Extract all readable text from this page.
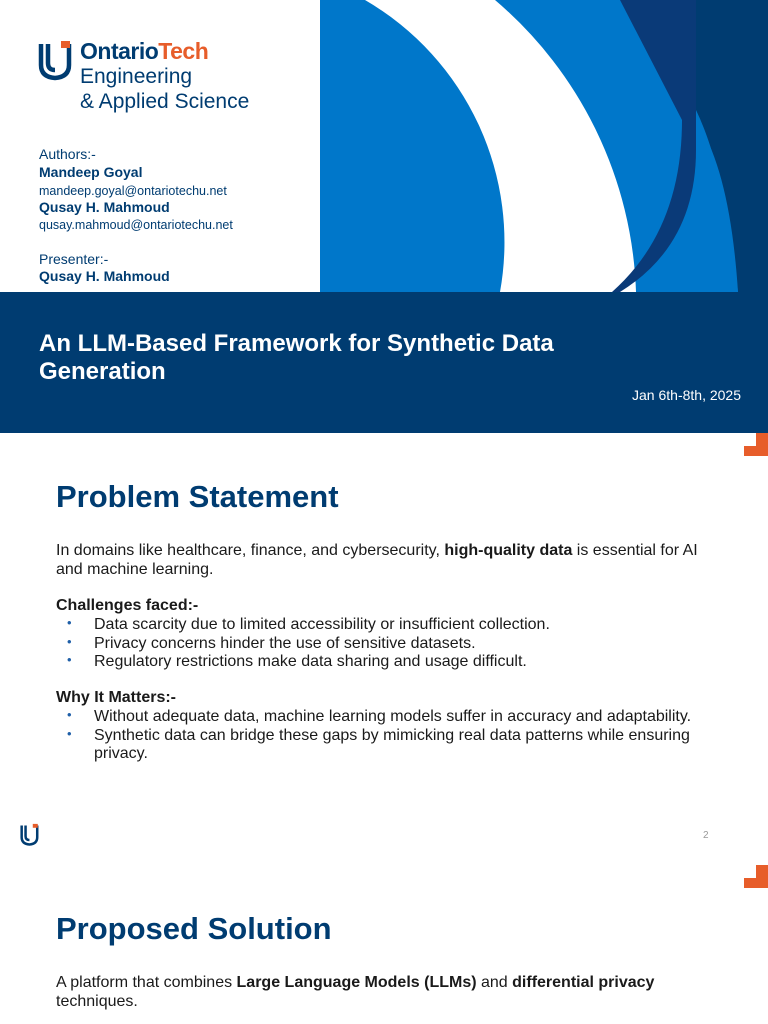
OntarioTech
Engineering
& Applied Science
Authors:-
Mandeep Goyal
mandeep.goyal@ontariotechu.net
Qusay H. Mahmoud
qusay.mahmoud@ontariotechu.net
Presenter:-
Qusay H. Mahmoud
An LLM-Based Framework for Synthetic Data Generation
Jan 6th-8th, 2025
Problem Statement

In domains like healthcare, finance, and cybersecurity, high-quality data is essential for AI and machine learning.

Challenges faced:-

• Data scarcity due to limited accessibility or insufficient collection.
• Privacy concerns hinder the use of sensitive datasets.
• Regulatory restrictions make data sharing and usage difficult.

Why It Matters:-

• Without adequate data, machine learning models suffer in accuracy and adaptability.
• Synthetic data can bridge these gaps by mimicking real data patterns while ensuring privacy.
2
Proposed Solution

A platform that combines Large Language Models (LLMs) and differential privacy techniques.
